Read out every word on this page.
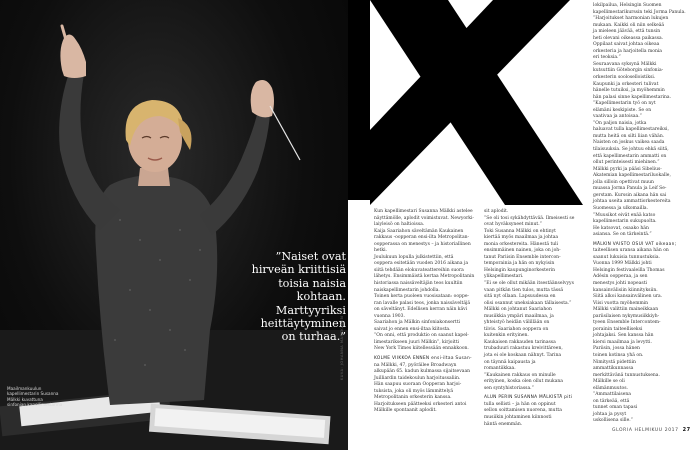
”Naiset ovat
hirveän kriittisiä
toisia naisia
kohtaan.
Marttyyriksi
heittäytyminen
on turhaa.”
Maailmankuulun kapellimestarin Susanna Mälkki kuvattuna sinfonian kapellimestarina
KUVA: JOHANNA MARKKANEN
Kun kapellimestari Susanna Mälkki astelee
näyttämölle, aplodit voimistuvat. Newyorki-
laiyleisö on haltioissa.
Kaija Saariahon säveltämän Kaukainen
rakkaus -oopperan ensi-ilta Metropolitan-
oopperassa on menestys – ja historiallinen
hetki.
Joulukuun lopulla julkistettiin, että
ooppera esitetään vuoden 2016 aikana ja
siitä tehdään elokuvateattereihin suora
lähetys. Ensimmäistä kertaa Metropolitanin
historiassa naissäveltäjän teos kuultiin
naiskapellimestarin johdolla.
Toinen kerta puoleen vuosisataan: ooppe-
ran lavalle palasi teos, jonka naissäveltäjä
on säveltänyt. Edellisen kerran näin kävi
vuonna 1903.
Saariahon ja Mälkin sinfoniakonsertti
saivat jo ennen ensi-iltaa kiitosta.
”On onni, että produktio on saanut kapel-
limestarikseen juuri Mälkin”, kirjoitti
New York Times kiitellessään ennakkoon.
KOLME VIIKKOA ENNEN ensi-iltaa Susan-
na Mälkki, 47, pyöräilee Broadwayn
alkupään 65. kadun kulmassa sijaitsevaan
Juilliardin taidekoulun harjoitussaliin.
Hän saapuu suoraan Oopperan harjoi-
tuksista, joka oli myös lämmittelyä
Metropolitanin orkesterin kanssa.
Harjoitukseen päätteeksi orkesteri antoi
Mälkille spontaanit aplodit.
sit aplodit.
”Se oli tosi sykähdyttävää. Ilmeisesti se
ovat hyväksyneet minut.”
Toki Susanna Mälkki on ehtinyt
kiertää myös maailmaa ja johtaa
monia orkestereita. Hänestä tuli
ensimmäinen nainen, joka on joh-
tanut Pariisin Ensemble intercon-
temporainia ja hän on nykyisin
Helsingin kaupunginorkesterin
ylikapellimestari.
”Ei se ole ollut mikään itsestäänselvyys
vaan pitkän tien tulos, mutta tässä
sitä nyt ollaan. Lapsuudessa en
olisi osannut uneksiakaan tällaisesta.”
Mälkki on johtanut Saariahon
musiikkia ympäri maailmaa, ja
yhteistyö heidän välillään on
tiivis. Saariahon ooppera on
kuitenkin erityinen.
Kaukaisen rakkauden tarinassa
trubaduuri rakastuu kreivittäreen,
jota ei ole koskaan nähnyt. Tarina
on täynnä kaipausta ja
romantiikkaa.
”Kaukainen rakkaus on minulle
erityinen, koska olen ollut mukana
sen syntyhistoriassa.”
ALUN PERIN SUSANNA MÄLKISTÄ piti
tulla sellisti – ja hän on oppinut
sellon soittamisen nuorena, mutta
musiikin johtaminen kiinnosti
häntä enemmän.
lokilpailua, Helsingin Suomen
kapellimestarikurssin teki Jorma Panula.
”Harjoitukset harmonian lukujen
mukaan. Kaikki oli niin selkeää
ja mieleen jäävää, että tunsin
heti olevani oikeassa paikassa.
Oppilaat saivat johtaa oikeaa
orkesteria ja harjoitella monia
eri teoksia.”
Seuraavana syksynä Mälkki
kutsuttiin Göteborgin sinfonia-
orkesterin sooloselloistiksi.
Kaupunki ja orkesteri tulivat
hänelle tutuiksi, ja myöhemmin
hän palasi sinne kapellimestarina.
”Kapellimestarin työ on nyt
elämäni keskipiste. Se on
vaativaa ja antoisaa.”
”On paljon naisia, jotka
haluavat tulla kapellimestareiksi,
mutta heitä on silti liian vähän.
Naisten on joskus vaikea saada
tilaisuuksia. Se johtuu ehkä siitä,
että kapellimestarin ammatti on
ollut perinteisesti miehinen.”
Mälkki pyrki ja pääsi Sibelius-
Akatemian kapellimestariluokalle,
jolla silloin opettivat muun
muassa Jorma Panula ja Leif Se-
gerstam. Kurssin aikana hän sai
johtaa useita ammattiorkestereita
Suomessa ja ulkomailla.
”Muusikot eivät enää katso
kapellimestarin sukupuolta.
He katsovat, osaako hän
asiansa. Se on tärkeintä.”
MÄLKIN VAISTO OSUI VAT oikeaan;
taiteellisen uransa aikana hän on
saanut lukuisia tunnustuksia.
Vuonna 1999 Mälkki johti
Helsingin festivaaleilla Thomas
Adèsin oopperaa, ja sen
menestys johti nopeasti
kansainvälisiin kiinnityksiin.
Siitä alkoi kansainvälinen ura.
Viisi vuotta myöhemmin
Mälkki valittiin maineikkaan
pariisilaisen nykymusiikkiyh-
tyeen Ensemble Intercontem-
porainin taiteelliseksi
johtajaksi. Sen kanssa hän
kiersi maailmaa ja levytti.
Pariisin, jossa hänen
toinen kotinsa yhä on.
Nimitystä pidettiin
ammattikunnassa
merkittävänä tunnustuksena.
Mälkille se oli
elämänmuutos.
”Ammattilaisena
on tärkeää, että
tunnet oman tapasi
johtaa ja pysyt
uskollisena sille.”
GLORIA HELMIKUU 2017 27
